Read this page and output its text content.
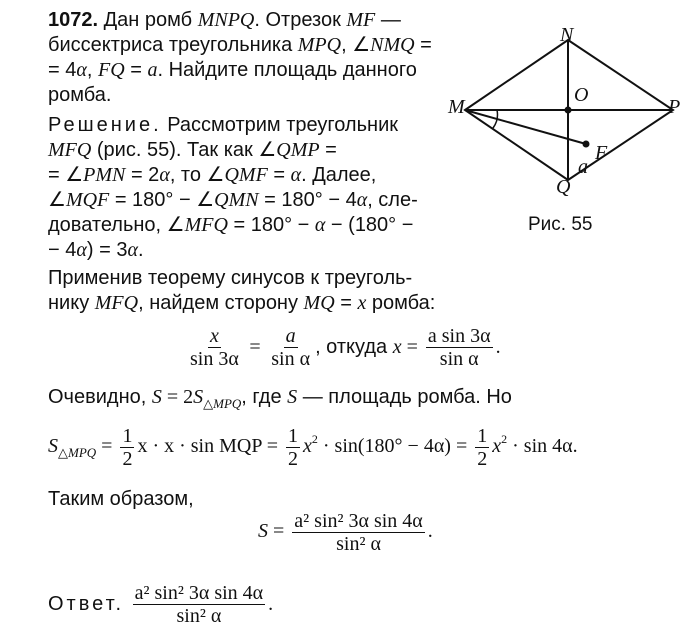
1072. Дан ромб MNPQ. Отрезок MF —
биссектриса треугольника MPQ, ∠NMQ =
= 4α, FQ = a. Найдите площадь данного
ромба.
Решение. Рассмотрим треугольник
MFQ (рис. 55). Так как ∠QMP =
= ∠PMN = 2α, то ∠QMF = α. Далее,
∠MQF = 180° − ∠QMN = 180° − 4α, сле-
довательно, ∠MFQ = 180° − α − (180° −
− 4α) = 3α.
N
M
O
P
F
a
Q
Рис. 55
Применив теорему синусов к треуголь-
нику MFQ, найдем сторону MQ = x ромба:
$\frac{x}{\sin 3\alpha} = \frac{a}{\text{sin α}}$ , откуда $x = \frac{\text{a sin 3α}}{\text{sin α}}$ .
Очевидно, $S = 2S_{\triangle MPQ}$, где S — площадь ромба. Но
$S_{\triangle MPQ} = \frac{1}{2}$ x · x · sin MQP = $\frac{1}{2} x^2 \cdot \sin(180^\circ - 4\alpha) = \frac{1}{2} x^2 \cdot \sin 4\alpha$.
Таким образом,
$S = \frac{\text{a² sin² 3α sin 4α}}{\text{sin² α}}$ .
Ответ. $\frac{\text{a² sin² 3α sin 4α}}{\text{sin² α}}$ .
